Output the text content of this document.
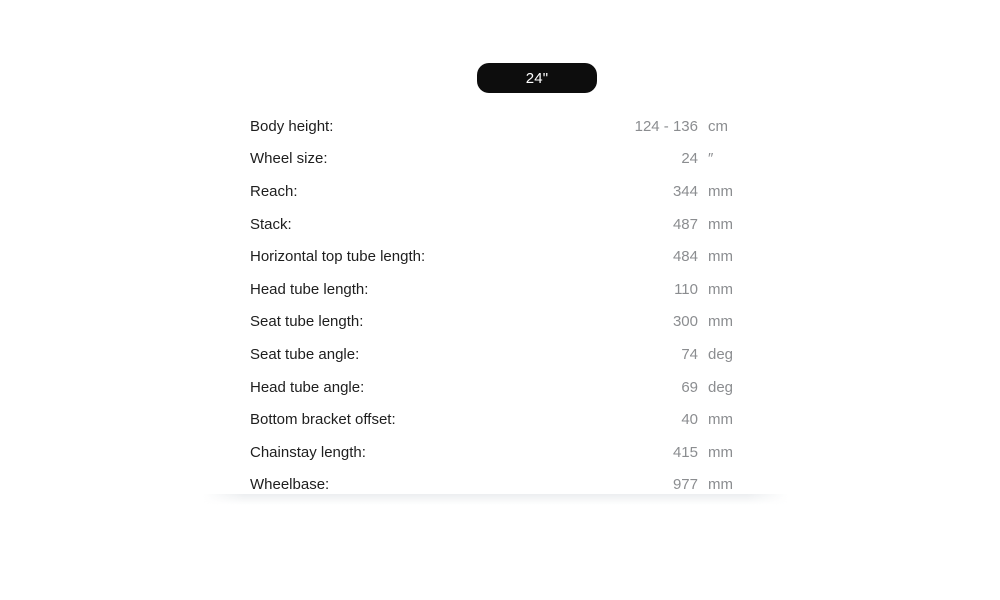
24"
Body height:	124 - 136 cm
Wheel size:	24 ″
Reach:	344 mm
Stack:	487 mm
Horizontal top tube length:	484 mm
Head tube length:	110 mm
Seat tube length:	300 mm
Seat tube angle:	74 deg
Head tube angle:	69 deg
Bottom bracket offset:	40 mm
Chainstay length:	415 mm
Wheelbase:	977 mm
